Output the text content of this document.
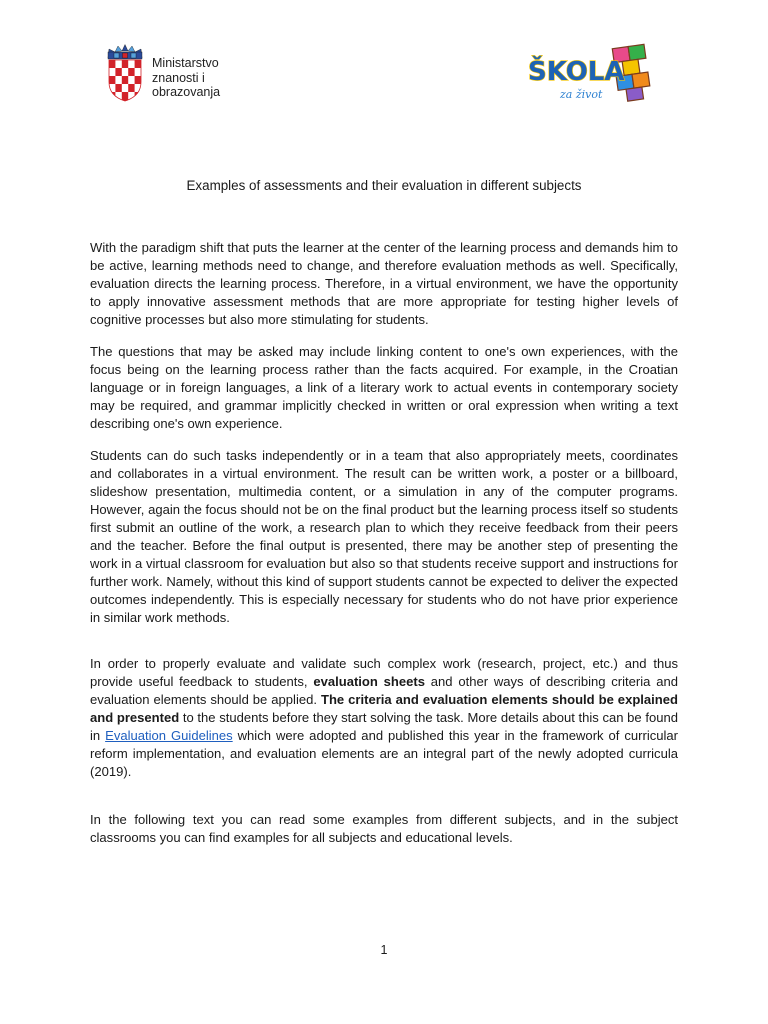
Ministarstvo
znanosti i
obrazovanja
ŠKOLA
za život
Examples of assessments and their evaluation in different subjects

With the paradigm shift that puts the learner at the center of the learning process and demands him to be active, learning methods need to change, and therefore evaluation methods as well. Specifically, evaluation directs the learning process. Therefore, in a virtual environment, we have the opportunity to apply innovative assessment methods that are more appropriate for testing higher levels of cognitive processes but also more stimulating for students.

The questions that may be asked may include linking content to one's own experiences, with the focus being on the learning process rather than the facts acquired. For example, in the Croatian language or in foreign languages, a link of a literary work to actual events in contemporary society may be required, and grammar implicitly checked in written or oral expression when writing a text describing one's own experience.

Students can do such tasks independently or in a team that also appropriately meets, coordinates and collaborates in a virtual environment. The result can be written work, a poster or a billboard, slideshow presentation, multimedia content, or a simulation in any of the computer programs. However, again the focus should not be on the final product but the learning process itself so students first submit an outline of the work, a research plan to which they receive feedback from their peers and the teacher. Before the final output is presented, there may be another step of presenting the work in a virtual classroom for evaluation but also so that students receive support and instructions for further work. Namely, without this kind of support students cannot be expected to deliver the expected outcomes independently. This is especially necessary for students who do not have prior experience in similar work methods.

In order to properly evaluate and validate such complex work (research, project, etc.) and thus provide useful feedback to students, evaluation sheets and other ways of describing criteria and evaluation elements should be applied. The criteria and evaluation elements should be explained and presented to the students before they start solving the task. More details about this can be found in Evaluation Guidelines which were adopted and published this year in the framework of curricular reform implementation, and evaluation elements are an integral part of the newly adopted curricula (2019).

In the following text you can read some examples from different subjects, and in the subject classrooms you can find examples for all subjects and educational levels.

1
